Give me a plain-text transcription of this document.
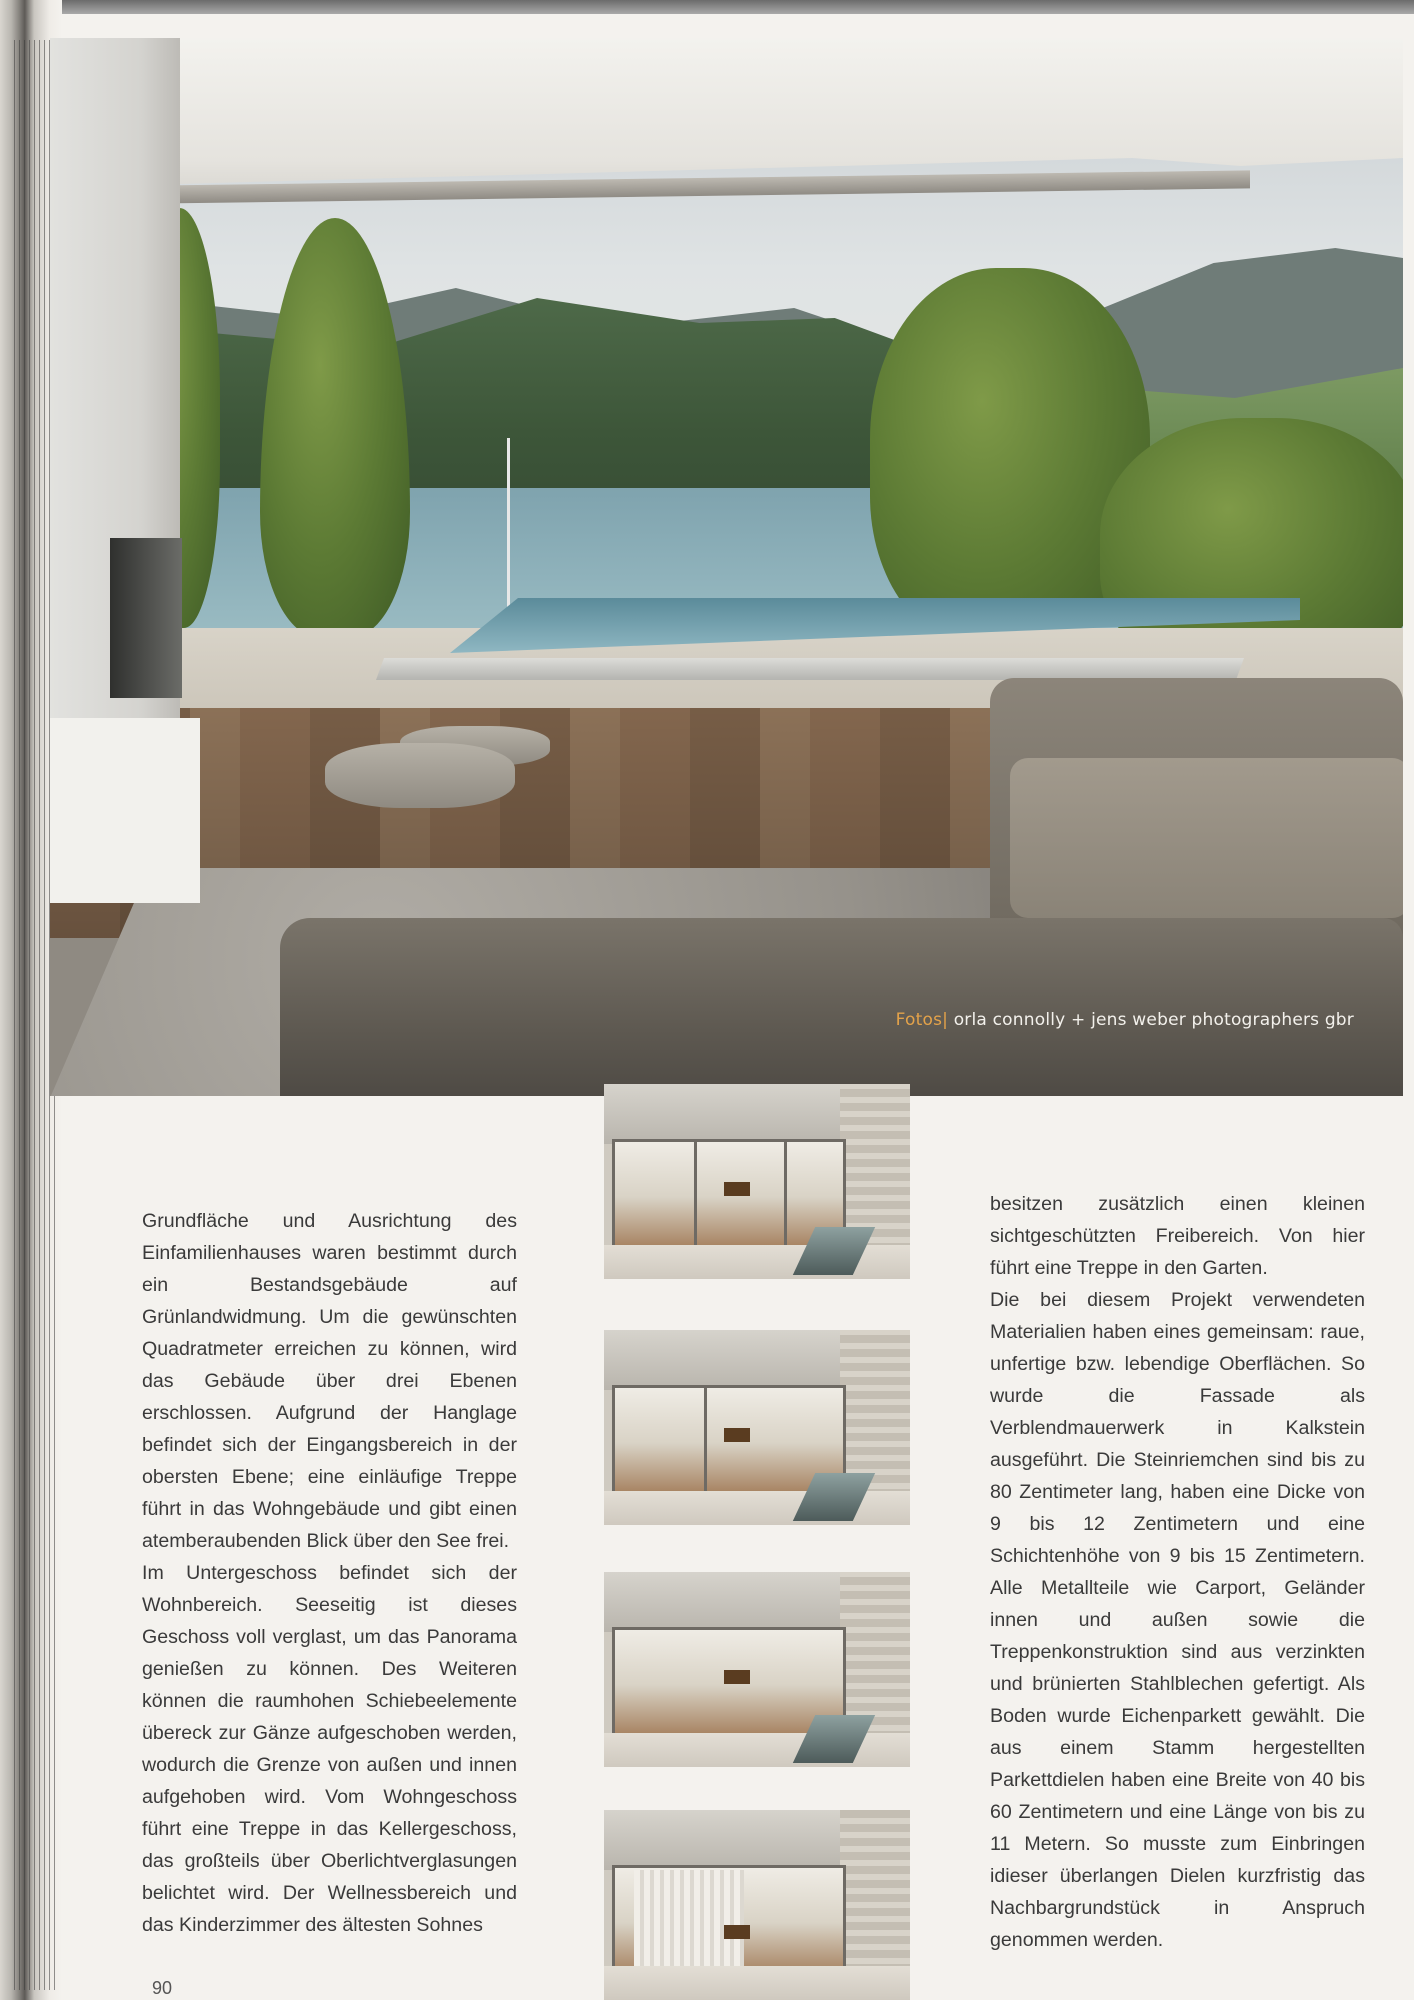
Fotos| orla connolly + jens weber photographers gbr

Grundfläche und Ausrichtung des Einfamilienhauses waren bestimmt durch ein Bestandsgebäude auf Grünlandwidmung. Um die gewünschten Quadratmeter erreichen zu können, wird das Gebäude über drei Ebenen erschlossen. Aufgrund der Hanglage befindet sich der Eingangsbereich in der obersten Ebene; eine einläufige Treppe führt in das Wohngebäude und gibt einen atemberaubenden Blick über den See frei.

Im Untergeschoss befindet sich der Wohnbereich. Seeseitig ist dieses Geschoss voll verglast, um das Panorama genießen zu können. Des Weiteren können die raumhohen Schiebeelemente übereck zur Gänze aufgeschoben werden, wodurch die Grenze von außen und innen aufgehoben wird. Vom Wohngeschoss führt eine Treppe in das Kellergeschoss, das großteils über Oberlichtverglasungen belichtet wird. Der Wellnessbereich und das Kinderzimmer des ältesten Sohnes

besitzen zusätzlich einen kleinen sichtgeschützten Freibereich. Von hier führt eine Treppe in den Garten.

Die bei diesem Projekt verwendeten Materialien haben eines gemeinsam: raue, unfertige bzw. lebendige Oberflächen. So wurde die Fassade als Verblendmauerwerk in Kalkstein ausgeführt. Die Steinriemchen sind bis zu 80 Zentimeter lang, haben eine Dicke von 9 bis 12 Zentimetern und eine Schichtenhöhe von 9 bis 15 Zentimetern. Alle Metallteile wie Carport, Geländer innen und außen sowie die Treppenkonstruktion sind aus verzinkten und brünierten Stahlblechen gefertigt. Als Boden wurde Eichenparkett gewählt. Die aus einem Stamm hergestellten Parkettdielen haben eine Breite von 40 bis 60 Zentimetern und eine Länge von bis zu 11 Metern. So musste zum Einbringen idieser überlangen Dielen kurzfristig das Nachbargrundstück in Anspruch genommen werden.

90
